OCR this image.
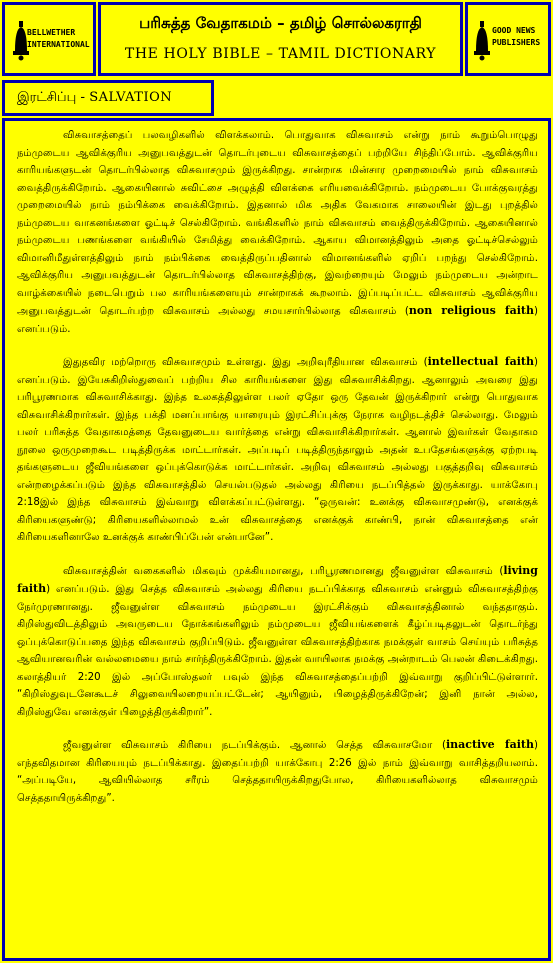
BELLWETHER
INTERNATIONAL
பரிசுத்த வேதாகமம் – தமிழ் சொல்லகராதி
THE HOLY BIBLE – TAMIL DICTIONARY
GOOD NEWS
PUBLISHERS
இரட்சிப்பு - SALVATION

விசுவாசத்தைப் பலவழிகளில் விளக்கலாம். பொதுவாக விசுவாசம் என்று நாம் கூறும்பொழுது நம்முடைய ஆவிக்குரிய அனுபவத்துடன் தொடர்புடைய விசுவாசத்தைப் பற்றியே சிந்திப்போம். ஆவிக்குரிய காரியங்களுடன் தொடர்பில்லாத விசுவாசமும் இருக்கிறது. சான்றாக மின்சார முறைமையில் நாம் விசுவாசம் வைத்திருக்கிறோம். ஆகையினால் சுவிட்சை அழுத்தி விளக்கை எரியவைக்கிறோம். நம்முடைய போக்குவரத்து முறைமையில் நாம் நம்பிக்கை வைக்கிறோம். இதனால் மிக அதிக வேகமாக சாலையின் இடது புறத்தில் நம்முடைய வாகனங்களை ஓட்டிச் செல்கிறோம். வங்கிகளில் நாம் விசுவாசம் வைத்திருக்கிறோம். ஆகையினால் நம்முடைய பணங்களை வங்கியில் சேமித்து வைக்கிறோம். ஆகாய விமானத்திலும் அதை ஓட்டிச்செல்லும் விமானிமீதுள்ளத்திலும் நாம் நம்பிக்கை வைத்திருப்பதினால் விமானங்களில் ஏறிப் பறந்து செல்கிறோம். ஆவிக்குரிய அனுபவத்துடன் தொடர்பில்லாத விசுவாசத்திற்கு, இவற்றையும் மேலும் நம்முடைய அன்றாட வாழ்க்கையில் நடைபெறும் பல காரியங்களையும் சான்றாகக் கூறலாம். இப்படிப்பட்ட விசுவாசம் ஆவிக்குரிய அனுபவத்துடன் தொடர்பற்ற விசுவாசம் அல்லது சமயசார்பில்லாத விசுவாசம் (non religious faith) எனப்படும்.

இதுதவிர மற்றொரு விசுவாசமும் உள்ளது. இது அறிவுரீதியான விசுவாசம் (intellectual faith) எனப்படும். இயேசுகிறிஸ்துவைப் பற்றிய சில காரியங்களை இது விசுவாசிக்கிறது. ஆனாலும் அவரை இது பரிபூரணமாக விசுவாசிக்காது. இந்த உலகத்திலுள்ள பலர் ஏதோ ஒரு தேவன் இருக்கிறார் என்று பொதுவாக விசுவாசிக்கிறார்கள். இந்த பக்தி மனப்பாங்கு யாரையும் இரட்சிப்புக்கு நேராக வழிநடத்திச் செல்லாது. மேலும் பலர் பரிசுத்த வேதாகமத்தை தேவனுடைய வார்த்தை என்று விசுவாசிக்கிறார்கள். ஆனால் இவர்கள் வேதாகம நூலை ஒருமுறைகூட படித்திருக்க மாட்டார்கள். அப்படிப் படித்திருந்தாலும் அதன் உபதேசங்களுக்கு ஏற்றபடி தங்களுடைய ஜீவியங்களை ஒப்புக்கொடுக்க மாட்டார்கள். அறிவு விசுவாசம் அல்லது பகுத்தறிவு விசுவாசம் என்றழைக்கப்படும் இந்த விசுவாசத்தில் செயல்படுதல் அல்லது கிரியை நடப்பித்தல் இருக்காது. யாக்கோபு 2:18இல் இந்த விசுவாசம் இவ்வாறு விளக்கப்பட்டுள்ளது. “ஒருவன்: உனக்கு விசுவாசமுண்டு, எனக்குக் கிரியைகளுண்டு; கிரியைகளில்லாமல் உன் விசுவாசத்தை எனக்குக் காண்பி, நான் விசுவாசத்தை என் கிரியைகளினாலே உனக்குக் காண்பிப்பேன் என்பானே”.

விசுவாசத்தின் வகைகளில் மிகவும் முக்கியமானது, பரிபூரணமானது ஜீவனுள்ள விசுவாசம் (living faith) எனப்படும். இது செத்த விசுவாசம் அல்லது கிரியை நடப்பிக்காத விசுவாசம் என்னும் விசுவாசத்திற்கு நேர்முரணானது. ஜீவனுள்ள விசுவாசம் நம்முடைய இரட்சிக்கும் விசுவாசத்தினால் வந்ததாகும். கிறிஸ்துவிடத்திலும் அவருடைய நோக்கங்களிலும் நம்முடைய ஜீவியங்களைக் கீழ்ப்படிதலுடன் தொடர்ந்து ஒப்புக்கொடுப்பதை இந்த விசுவாசம் குறிப்பிடும். ஜீவனுள்ள விசுவாசத்திற்காக நமக்குள் வாசம் செய்யும் பரிசுத்த ஆவியானவரின் வல்லமையை நாம் சார்ந்திருக்கிறோம். இதன் வாயிலாக நமக்கு அன்றாடம் பெலன் கிடைக்கிறது. கலாத்தியர் 2:20 இல் அப்போஸ்தலர் பவுல் இந்த விசுவாசத்தைப்பற்றி இவ்வாறு குறிப்பிட்டுள்ளார். “கிறிஸ்துவுடனேகூடச் சிலுவையிலறையப்பட்டேன்; ஆயினும், பிழைத்திருக்கிறேன்; இனி நான் அல்ல, கிறிஸ்துவே எனக்குள் பிழைத்திருக்கிறார்”.

ஜீவனுள்ள விசுவாசம் கிரியை நடப்பிக்கும். ஆனால் செத்த விசுவாசமோ (inactive faith) எந்தவிதமான கிரியையும் நடப்பிக்காது. இதைப்பற்றி யாக்கோபு 2:26 இல் நாம் இவ்வாறு வாசித்தறியலாம். “அப்படியே, ஆவியில்லாத சரீரம் செத்ததாயிருக்கிறதுபோல, கிரியைகளில்லாத விசுவாசமும் செத்ததாயிருக்கிறது”.
